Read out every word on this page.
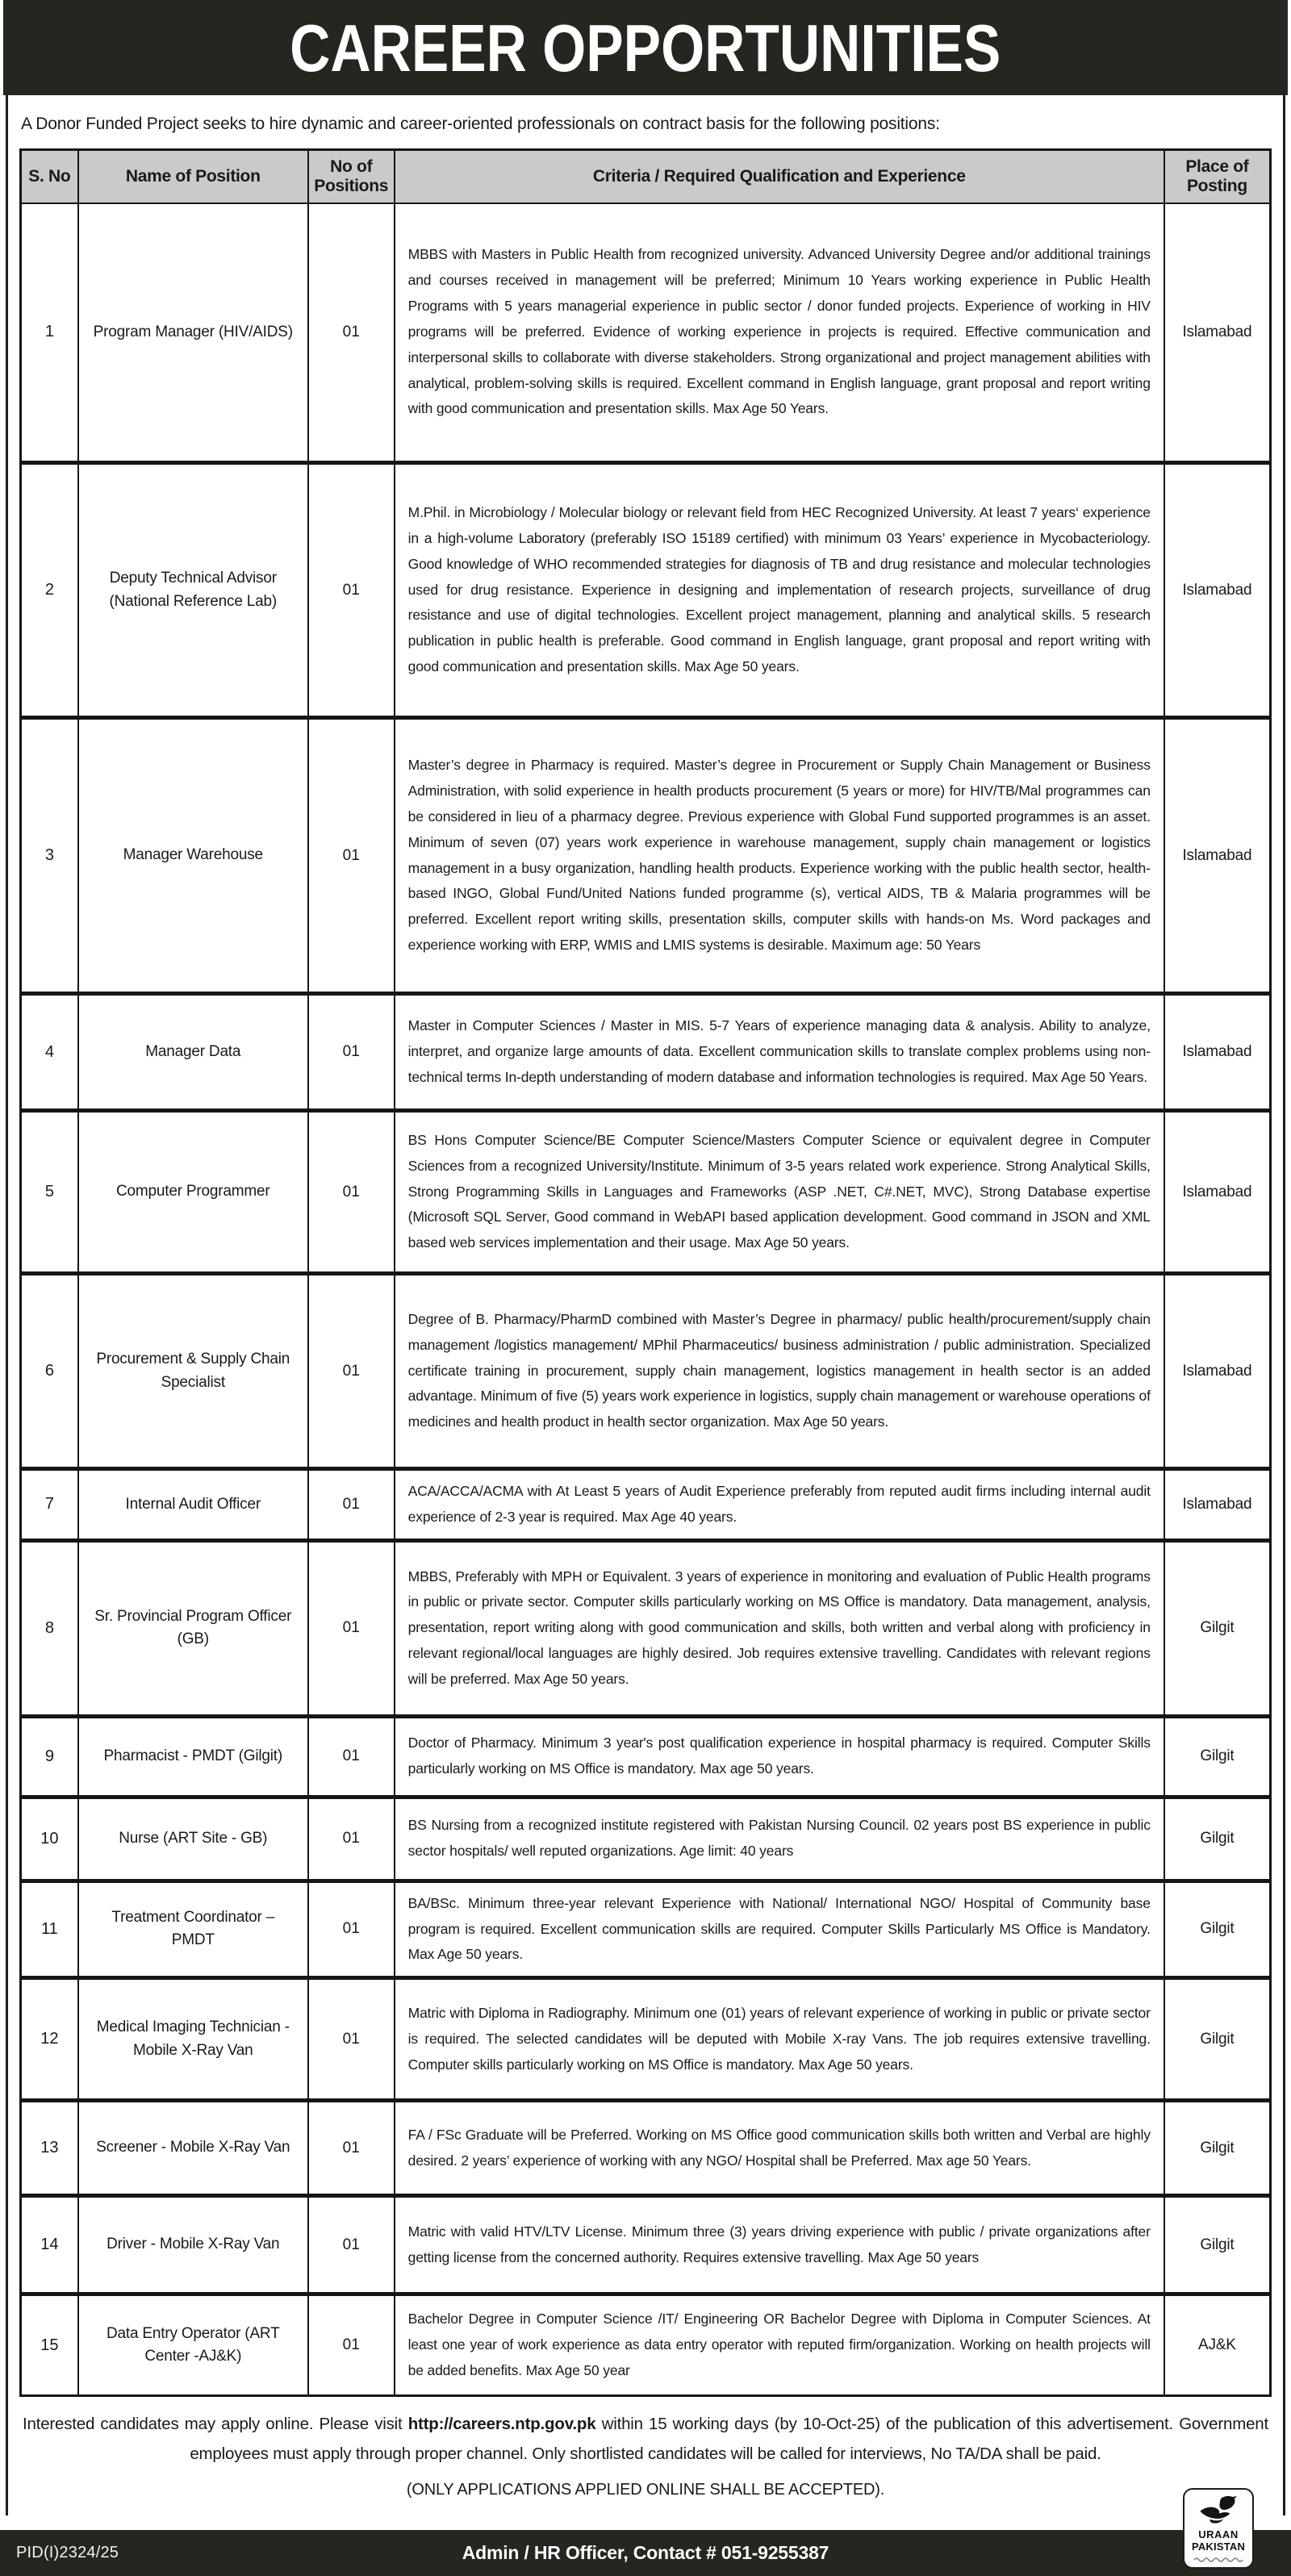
CAREER OPPORTUNITIES

A Donor Funded Project seeks to hire dynamic and career-oriented professionals on contract basis for the following positions:

S. No	Name of Position	No of Positions	Criteria / Required Qualification and Experience	Place of Posting
1	Program Manager (HIV/AIDS)	01	MBBS with Masters in Public Health from recognized university. Advanced University Degree and/or additional trainings and courses received in management will be preferred; Minimum 10 Years working experience in Public Health Programs with 5 years managerial experience in public sector / donor funded projects. Experience of working in HIV programs will be preferred. Evidence of working experience in projects is required. Effective communication and interpersonal skills to collaborate with diverse stakeholders. Strong organizational and project management abilities with analytical, problem-solving skills is required. Excellent command in English language, grant proposal and report writing with good communication and presentation skills. Max Age 50 Years.	Islamabad
2	Deputy Technical Advisor (National Reference Lab)	01	M.Phil. in Microbiology / Molecular biology or relevant field from HEC Recognized University. At least 7 years‘ experience in a high-volume Laboratory (preferably ISO 15189 certified) with minimum 03 Years’ experience in Mycobacteriology. Good knowledge of WHO recommended strategies for diagnosis of TB and drug resistance and molecular technologies used for drug resistance. Experience in designing and implementation of research projects, surveillance of drug resistance and use of digital technologies. Excellent project management, planning and analytical skills. 5 research publication in public health is preferable. Good command in English language, grant proposal and report writing with good communication and presentation skills. Max Age 50 years.	Islamabad
3	Manager Warehouse	01	Master’s degree in Pharmacy is required. Master’s degree in Procurement or Supply Chain Management or Business Administration, with solid experience in health products procurement (5 years or more) for HIV/TB/Mal programmes can be considered in lieu of a pharmacy degree. Previous experience with Global Fund supported programmes is an asset. Minimum of seven (07) years work experience in warehouse management, supply chain management or logistics management in a busy organization, handling health products. Experience working with the public health sector, health-based INGO, Global Fund/United Nations funded programme (s), vertical AIDS, TB & Malaria programmes will be preferred. Excellent report writing skills, presentation skills, computer skills with hands-on Ms. Word packages and experience working with ERP, WMIS and LMIS systems is desirable. Maximum age: 50 Years	Islamabad
4	Manager Data	01	Master in Computer Sciences / Master in MIS. 5-7 Years of experience managing data & analysis. Ability to analyze, interpret, and organize large amounts of data. Excellent communication skills to translate complex problems using non-technical terms In-depth understanding of modern database and information technologies is required. Max Age 50 Years.	Islamabad
5	Computer Programmer	01	BS Hons Computer Science/BE Computer Science/Masters Computer Science or equivalent degree in Computer Sciences from a recognized University/Institute. Minimum of 3-5 years related work experience. Strong Analytical Skills, Strong Programming Skills in Languages and Frameworks (ASP .NET, C#.NET, MVC), Strong Database expertise (Microsoft SQL Server, Good command in WebAPI based application development. Good command in JSON and XML based web services implementation and their usage. Max Age 50 years.	Islamabad
6	Procurement & Supply Chain Specialist	01	Degree of B. Pharmacy/PharmD combined with Master’s Degree in pharmacy/ public health/procurement/supply chain management /logistics management/ MPhil Pharmaceutics/ business administration / public administration. Specialized certificate training in procurement, supply chain management, logistics management in health sector is an added advantage. Minimum of five (5) years work experience in logistics, supply chain management or warehouse operations of medicines and health product in health sector organization. Max Age 50 years.	Islamabad
7	Internal Audit Officer	01	ACA/ACCA/ACMA with At Least 5 years of Audit Experience preferably from reputed audit firms including internal audit experience of 2-3 year is required. Max Age 40 years.	Islamabad
8	Sr. Provincial Program Officer (GB)	01	MBBS, Preferably with MPH or Equivalent. 3 years of experience in monitoring and evaluation of Public Health programs in public or private sector. Computer skills particularly working on MS Office is mandatory. Data management, analysis, presentation, report writing along with good communication and skills, both written and verbal along with proficiency in relevant regional/local languages are highly desired. Job requires extensive travelling. Candidates with relevant regions will be preferred. Max Age 50 years.	Gilgit
9	Pharmacist - PMDT (Gilgit)	01	Doctor of Pharmacy. Minimum 3 year's post qualification experience in hospital pharmacy is required. Computer Skills particularly working on MS Office is mandatory. Max age 50 years.	Gilgit
10	Nurse (ART Site - GB)	01	BS Nursing from a recognized institute registered with Pakistan Nursing Council. 02 years post BS experience in public sector hospitals/ well reputed organizations. Age limit: 40 years	Gilgit
11	Treatment Coordinator – PMDT	01	BA/BSc. Minimum three-year relevant Experience with National/ International NGO/ Hospital of Community base program is required. Excellent communication skills are required. Computer Skills Particularly MS Office is Mandatory. Max Age 50 years.	Gilgit
12	Medical Imaging Technician - Mobile X-Ray Van	01	Matric with Diploma in Radiography. Minimum one (01) years of relevant experience of working in public or private sector is required. The selected candidates will be deputed with Mobile X-ray Vans. The job requires extensive travelling. Computer skills particularly working on MS Office is mandatory. Max Age 50 years.	Gilgit
13	Screener - Mobile X-Ray Van	01	FA / FSc Graduate will be Preferred. Working on MS Office good communication skills both written and Verbal are highly desired. 2 years’ experience of working with any NGO/ Hospital shall be Preferred. Max age 50 Years.	Gilgit
14	Driver - Mobile X-Ray Van	01	Matric with valid HTV/LTV License. Minimum three (3) years driving experience with public / private organizations after getting license from the concerned authority. Requires extensive travelling. Max Age 50 years	Gilgit
15	Data Entry Operator (ART Center -AJ&K)	01	Bachelor Degree in Computer Science /IT/ Engineering OR Bachelor Degree with Diploma in Computer Sciences. At least one year of work experience as data entry operator with reputed firm/organization. Working on health projects will be added benefits. Max Age 50 year	AJ&K

Interested candidates may apply online. Please visit http://careers.ntp.gov.pk within 15 working days (by 10-Oct-25) of the publication of this advertisement. Government employees must apply through proper channel. Only shortlisted candidates will be called for interviews, No TA/DA shall be paid.

(ONLY APPLICATIONS APPLIED ONLINE SHALL BE ACCEPTED).

PID(I)2324/25	Admin / HR Officer, Contact # 051-9255387
URAAN
PAKISTAN
